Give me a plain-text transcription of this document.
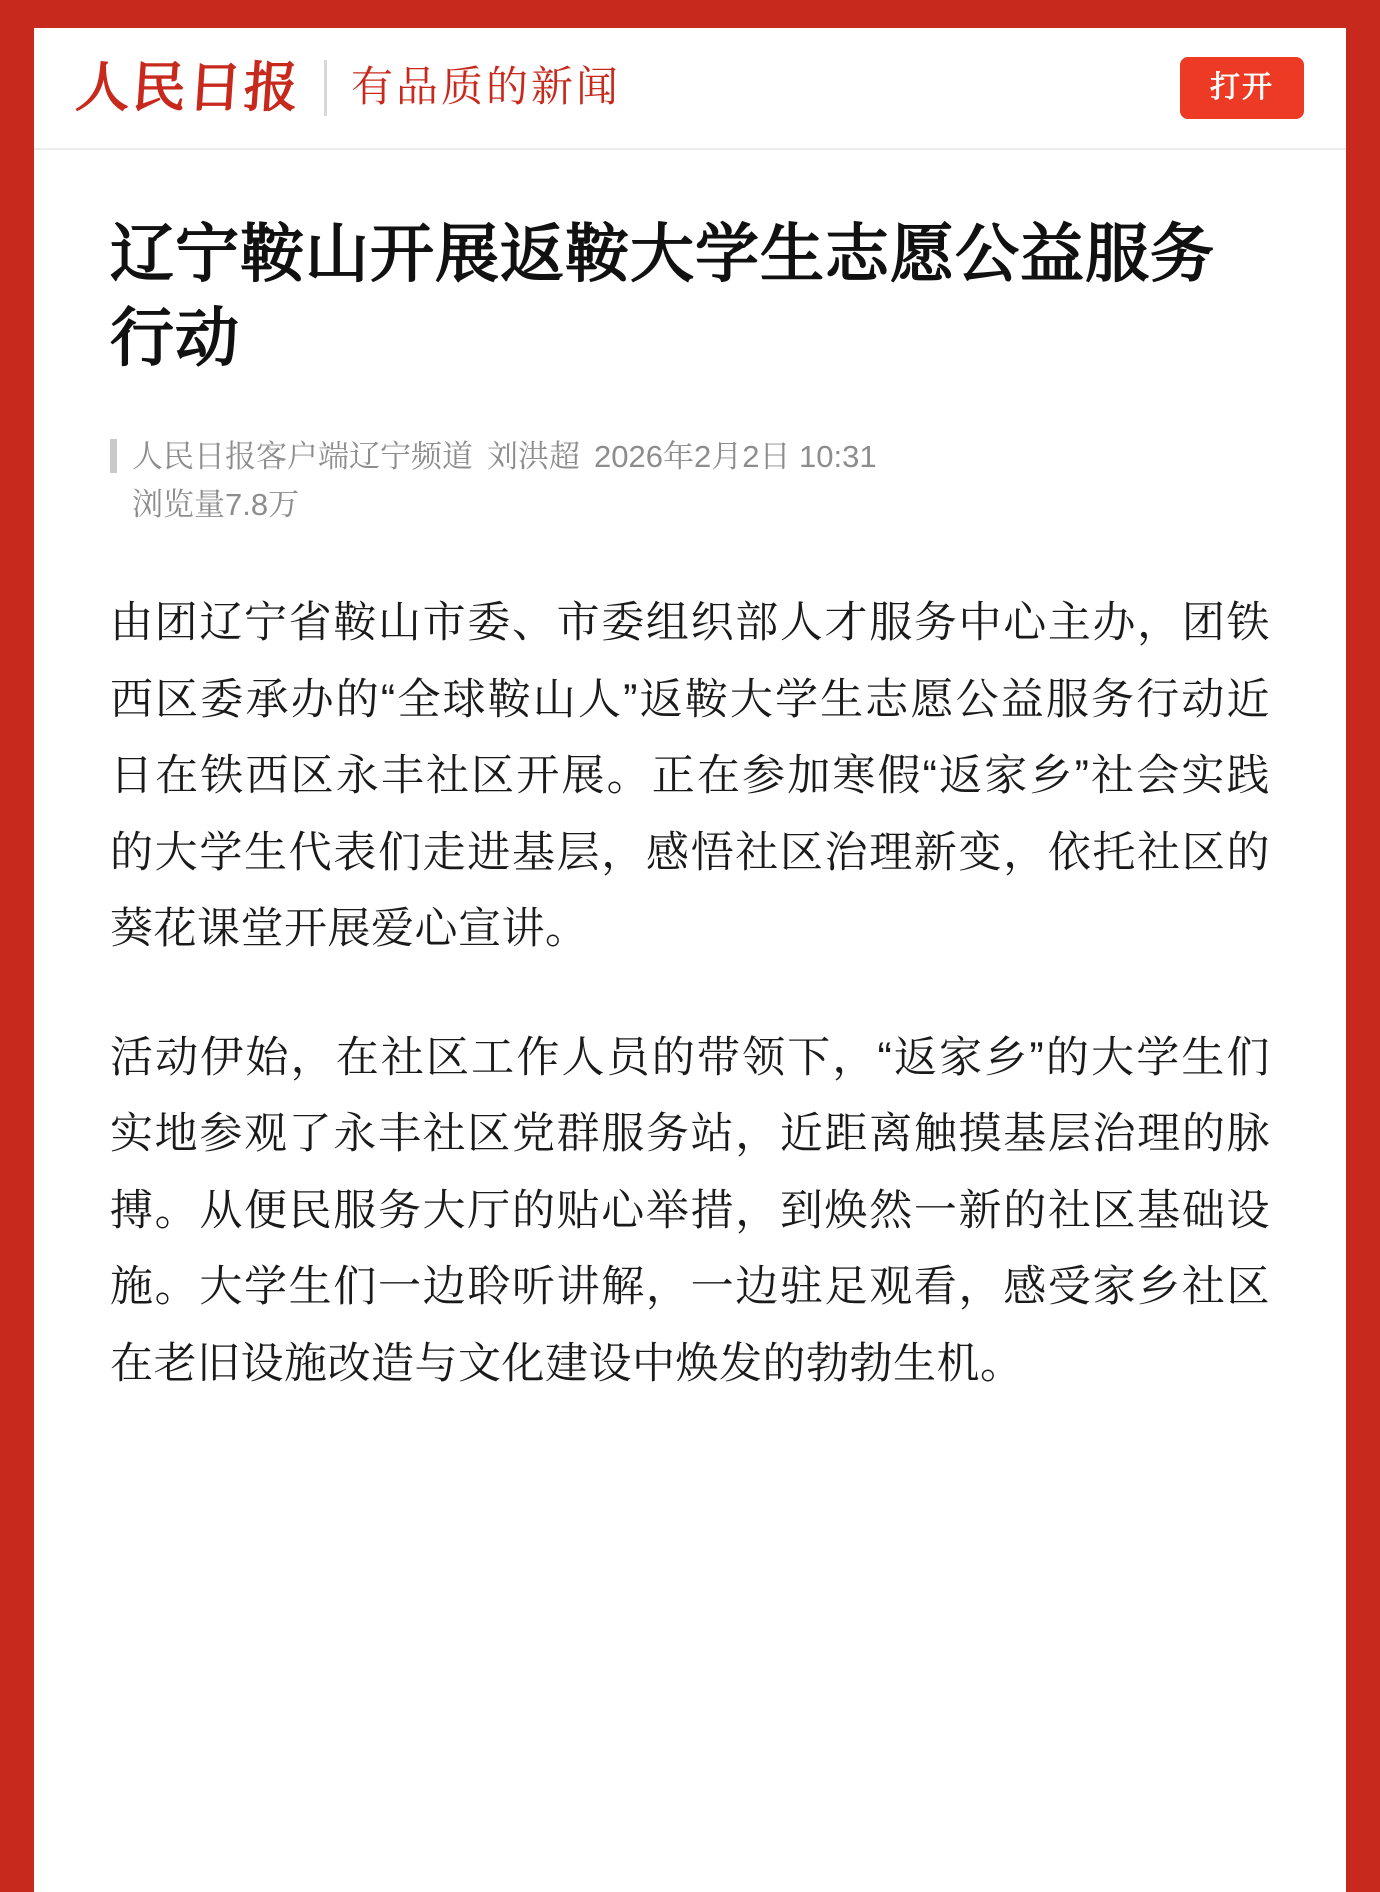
人民日报 有品质的新闻	打开
辽宁鞍山开展返鞍大学生志愿公益服务行动
人民日报客户端辽宁频道 刘洪超 2026年2月2日 10:31
浏览量7.8万

由团辽宁省鞍山市委、市委组织部人才服务中心主办，团铁西区委承办的“全球鞍山人”返鞍大学生志愿公益服务行动近日在铁西区永丰社区开展。正在参加寒假“返家乡”社会实践的大学生代表们走进基层，感悟社区治理新变，依托社区的葵花课堂开展爱心宣讲。

活动伊始，在社区工作人员的带领下，“返家乡”的大学生们实地参观了永丰社区党群服务站，近距离触摸基层治理的脉搏。从便民服务大厅的贴心举措，到焕然一新的社区基础设施。大学生们一边聆听讲解，一边驻足观看，感受家乡社区在老旧设施改造与文化建设中焕发的勃勃生机。
